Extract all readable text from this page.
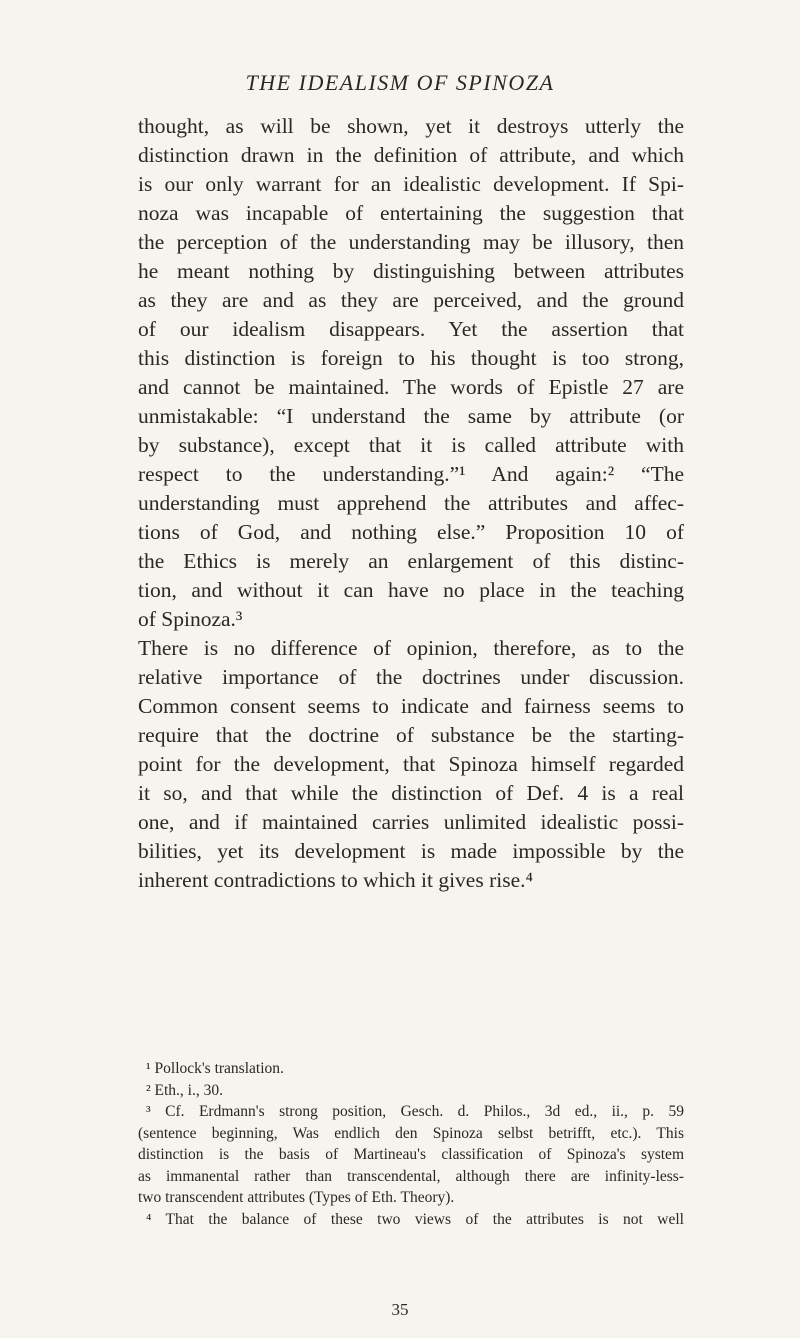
THE IDEALISM OF SPINOZA
thought, as will be shown, yet it destroys utterly the
distinction drawn in the definition of attribute, and which
is our only warrant for an idealistic development. If Spi-
noza was incapable of entertaining the suggestion that
the perception of the understanding may be illusory, then
he meant nothing by distinguishing between attributes
as they are and as they are perceived, and the ground
of our idealism disappears. Yet the assertion that
this distinction is foreign to his thought is too strong,
and cannot be maintained. The words of Epistle 27 are
unmistakable: “I understand the same by attribute (or
by substance), except that it is called attribute with
respect to the understanding.”¹ And again:² “The
understanding must apprehend the attributes and affec-
tions of God, and nothing else.” Proposition 10 of
the Ethics is merely an enlargement of this distinc-
tion, and without it can have no place in the teaching
of Spinoza.³
There is no difference of opinion, therefore, as to the
relative importance of the doctrines under discussion.
Common consent seems to indicate and fairness seems to
require that the doctrine of substance be the starting-
point for the development, that Spinoza himself regarded
it so, and that while the distinction of Def. 4 is a real
one, and if maintained carries unlimited idealistic possi-
bilities, yet its development is made impossible by the
inherent contradictions to which it gives rise.⁴
¹ Pollock's translation.
² Eth., i., 30.
³ Cf. Erdmann's strong position, Gesch. d. Philos., 3d ed., ii., p. 59
(sentence beginning, Was endlich den Spinoza selbst betrifft, etc.). This
distinction is the basis of Martineau's classification of Spinoza's system
as immanental rather than transcendental, although there are infinity-less-
two transcendent attributes (Types of Eth. Theory).
⁴ That the balance of these two views of the attributes is not well
35
